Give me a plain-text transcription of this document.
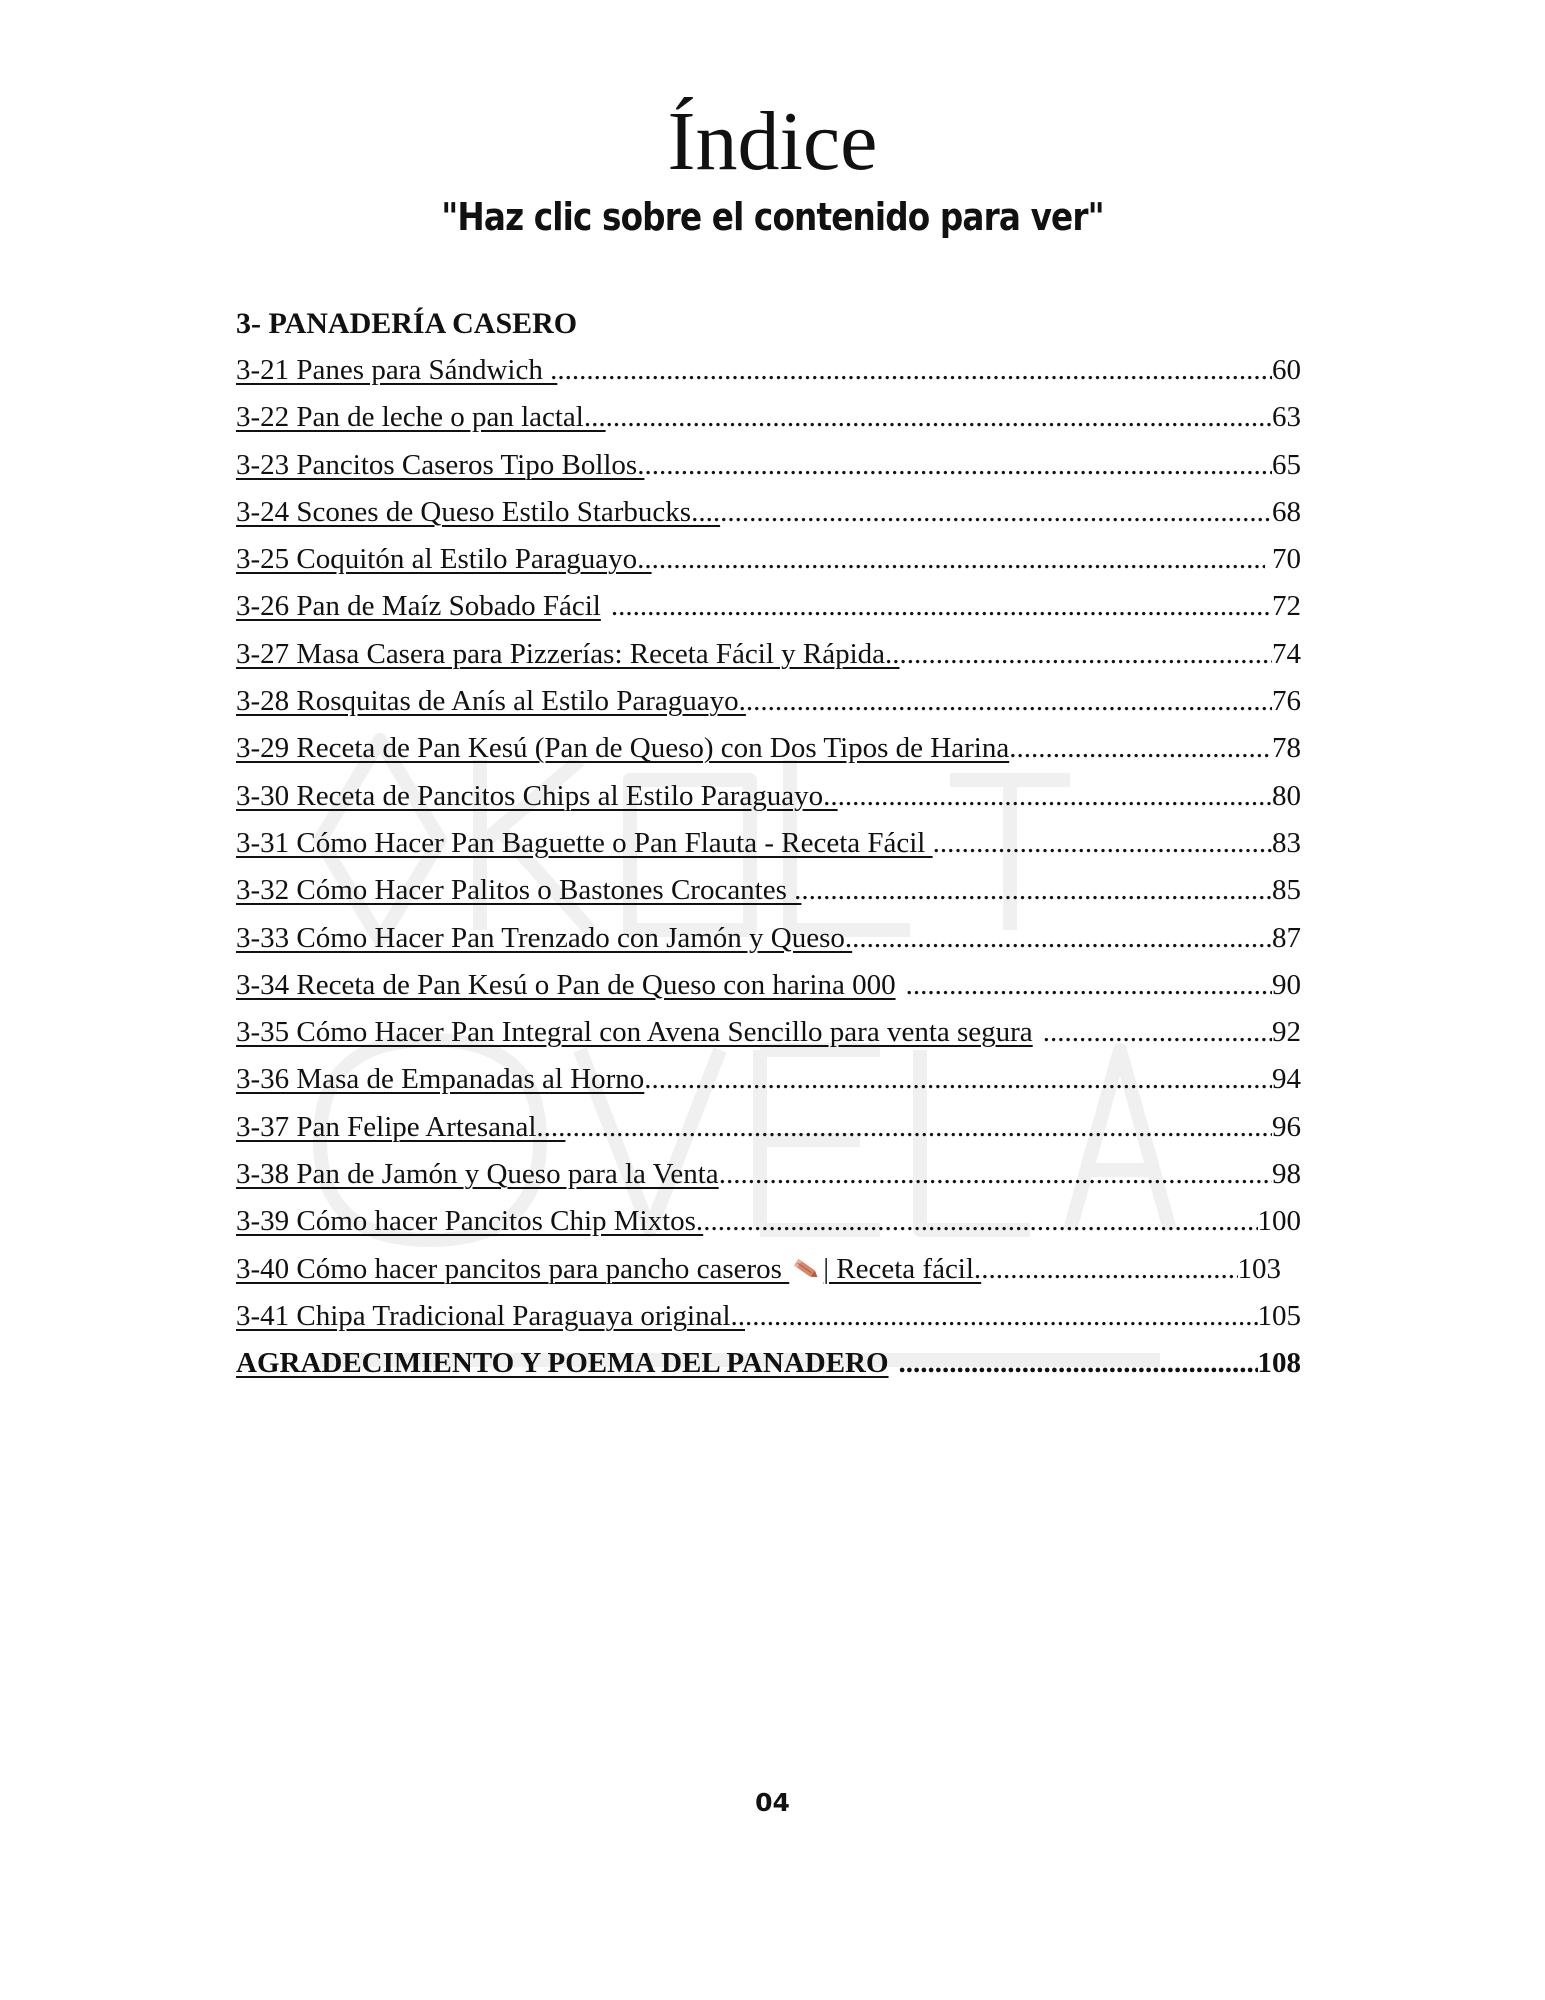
Índice
"Haz clic sobre el contenido para ver"
3- PANADERÍA CASERO
3-21 Panes para Sándwich . .....	60
3-22 Pan de leche o pan lactal... .....	63
3-23 Pancitos Caseros Tipo Bollos. .....	65
3-24 Scones de Queso Estilo Starbucks.... .....	68
3-25 Coquitón al Estilo Paraguayo.. .....	70
3-26 Pan de Maíz Sobado Fácil .....	72
3-27 Masa Casera para Pizzerías: Receta Fácil y Rápida.. .....	74
3-28 Rosquitas de Anís al Estilo Paraguayo. .....	76
3-29 Receta de Pan Kesú (Pan de Queso) con Dos Tipos de Harina .....	78
3-30 Receta de Pancitos Chips al Estilo Paraguayo.. .....	80
3-31 Cómo Hacer Pan Baguette o Pan Flauta - Receta Fácil .....	83
3-32 Cómo Hacer Palitos o Bastones Crocantes . .....	85
3-33 Cómo Hacer Pan Trenzado con Jamón y Queso. .....	87
3-34 Receta de Pan Kesú o Pan de Queso con harina 000 .....	90
3-35 Cómo Hacer Pan Integral con Avena Sencillo para venta segura .....	92
3-36 Masa de Empanadas al Horno .....	94
3-37 Pan Felipe Artesanal.... .....	96
3-38 Pan de Jamón y Queso para la Venta .....	98
3-39 Cómo hacer Pancitos Chip Mixtos. .....	100
3-40 Cómo hacer pancitos para pancho caseros | Receta fácil. .....	103
3-41 Chipa Tradicional Paraguaya original.. .....	105
AGRADECIMIENTO Y POEMA DEL PANADERO .....	108
04
